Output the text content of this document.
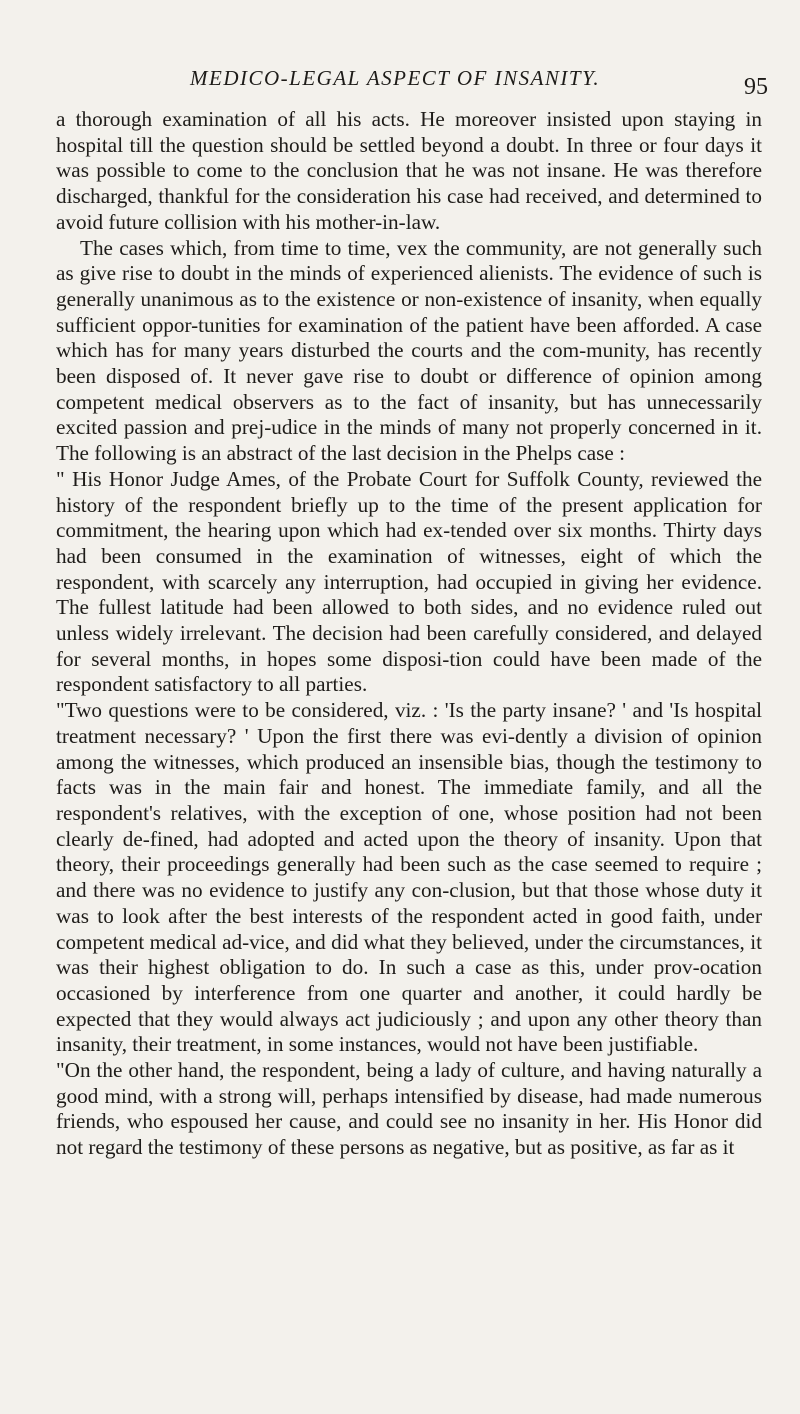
MEDICO-LEGAL ASPECT OF INSANITY.	95

a thorough examination of all his acts. He moreover insisted upon staying in hospital till the question should be settled beyond a doubt. In three or four days it was possible to come to the conclusion that he was not insane. He was therefore discharged, thankful for the consideration his case had received, and determined to avoid future collision with his mother-in-law.

The cases which, from time to time, vex the community, are not generally such as give rise to doubt in the minds of experienced alienists. The evidence of such is generally unanimous as to the existence or non-existence of insanity, when equally sufficient oppor-tunities for examination of the patient have been afforded. A case which has for many years disturbed the courts and the com-munity, has recently been disposed of. It never gave rise to doubt or difference of opinion among competent medical observers as to the fact of insanity, but has unnecessarily excited passion and prej-udice in the minds of many not properly concerned in it. The following is an abstract of the last decision in the Phelps case :

" His Honor Judge Ames, of the Probate Court for Suffolk County, reviewed the history of the respondent briefly up to the time of the present application for commitment, the hearing upon which had ex-tended over six months. Thirty days had been consumed in the examination of witnesses, eight of which the respondent, with scarcely any interruption, had occupied in giving her evidence. The fullest latitude had been allowed to both sides, and no evidence ruled out unless widely irrelevant. The decision had been carefully considered, and delayed for several months, in hopes some disposi-tion could have been made of the respondent satisfactory to all parties.

"Two questions were to be considered, viz. : 'Is the party insane? ' and 'Is hospital treatment necessary? ' Upon the first there was evi-dently a division of opinion among the witnesses, which produced an insensible bias, though the testimony to facts was in the main fair and honest. The immediate family, and all the respondent's relatives, with the exception of one, whose position had not been clearly de-fined, had adopted and acted upon the theory of insanity. Upon that theory, their proceedings generally had been such as the case seemed to require ; and there was no evidence to justify any con-clusion, but that those whose duty it was to look after the best interests of the respondent acted in good faith, under competent medical ad-vice, and did what they believed, under the circumstances, it was their highest obligation to do. In such a case as this, under prov-ocation occasioned by interference from one quarter and another, it could hardly be expected that they would always act judiciously ; and upon any other theory than insanity, their treatment, in some instances, would not have been justifiable.

"On the other hand, the respondent, being a lady of culture, and having naturally a good mind, with a strong will, perhaps intensified by disease, had made numerous friends, who espoused her cause, and could see no insanity in her. His Honor did not regard the testimony of these persons as negative, but as positive, as far as it
